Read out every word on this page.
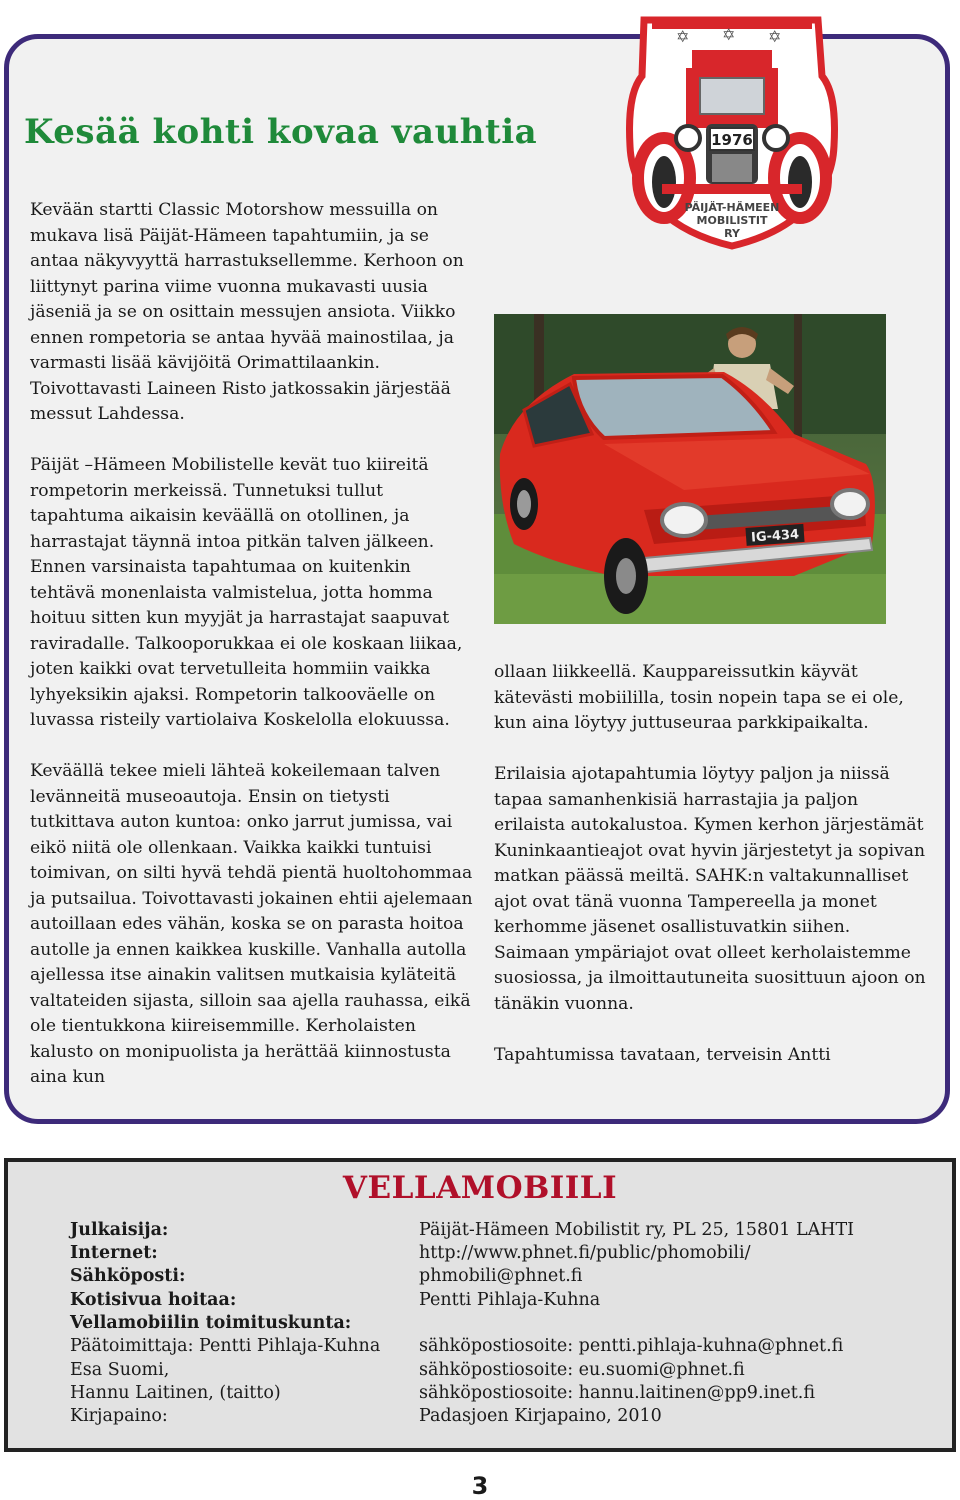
Kesää kohti kovaa vauhtia

Kevään startti Classic Motorshow messuilla on mukava lisä Päijät-Hämeen tapahtumiin, ja se antaa näkyvyyttä harrastuksellemme. Kerhoon on liittynyt parina viime vuonna mukavasti uusia jäseniä ja se on osittain messujen ansiota. Viikko ennen rompetoria se antaa hyvää mainostilaa, ja varmasti lisää kävijöitä Orimattilaankin. Toivottavasti Laineen Risto jatkossakin järjestää messut Lahdessa.

Päijät –Hämeen Mobilistelle kevät tuo kiireitä rompetorin merkeissä. Tunnetuksi tullut tapahtuma aikaisin keväällä on otollinen, ja harrastajat täynnä intoa pitkän talven jälkeen. Ennen varsinaista tapahtumaa on kuitenkin tehtävä monenlaista valmistelua, jotta homma hoituu sitten kun myyjät ja harrastajat saapuvat raviradalle. Talkooporukkaa ei ole koskaan liikaa, joten kaikki ovat tervetulleita hommiin vaikka lyhyeksikin ajaksi. Rompetorin talkooväelle on luvassa risteily vartiolaiva Koskelolla elokuussa.

Keväällä tekee mieli lähteä kokeilemaan talven levänneitä museoautoja. Ensin on tietysti tutkittava auton kuntoa: onko jarrut jumissa, vai eikö niitä ole ollenkaan. Vaikka kaikki tuntuisi toimivan, on silti hyvä tehdä pientä huoltohommaa ja putsailua. Toivottavasti jokainen ehtii ajelemaan autoillaan edes vähän, koska se on parasta hoitoa autolle ja ennen kaikkea kuskille. Vanhalla autolla ajellessa itse ainakin valitsen mutkaisia kyläteitä valtateiden sijasta, silloin saa ajella rauhassa, eikä ole tientukkona kiireisemmille. Kerholaisten kalusto on monipuolista ja herättää kiinnostusta aina kun

✡ ✡ ✡
1976
PÄIJÄT-HÄMEEN
MOBILISTIT
RY
IG-434

ollaan liikkeellä. Kauppareissutkin käyvät kätevästi mobiililla, tosin nopein tapa se ei ole, kun aina löytyy juttuseuraa parkkipaikalta.

Erilaisia ajotapahtumia löytyy paljon ja niissä tapaa samanhenkisiä harrastajia ja paljon erilaista autokalustoa. Kymen kerhon järjestämät Kuninkaantieajot ovat hyvin järjestetyt ja sopivan matkan päässä meiltä. SAHK:n valtakunnalliset ajot ovat tänä vuonna Tampereella ja monet kerhomme jäsenet osallistuvatkin siihen. Saimaan ympäriajot ovat olleet kerholaistemme suosiossa, ja ilmoittautuneita suosittuun ajoon on tänäkin vuonna.

Tapahtumissa tavataan, terveisin Antti

VELLAMOBIILI
Julkaisija:	Päijät-Hämeen Mobilistit ry, PL 25, 15801 LAHTI
Internet:	http://www.phnet.fi/public/phomobili/
Sähköposti:	phmobili@phnet.fi
Kotisivua hoitaa:	Pentti Pihlaja-Kuhna
Vellamobiilin toimituskunta:
Päätoimittaja: Pentti Pihlaja-Kuhna sähköpostiosoite: pentti.pihlaja-kuhna@phnet.fi
Esa Suomi,	sähköpostiosoite: eu.suomi@phnet.fi
Hannu Laitinen, (taitto)	sähköpostiosoite: hannu.laitinen@pp9.inet.fi
Kirjapaino:	Padasjoen Kirjapaino, 2010
3
